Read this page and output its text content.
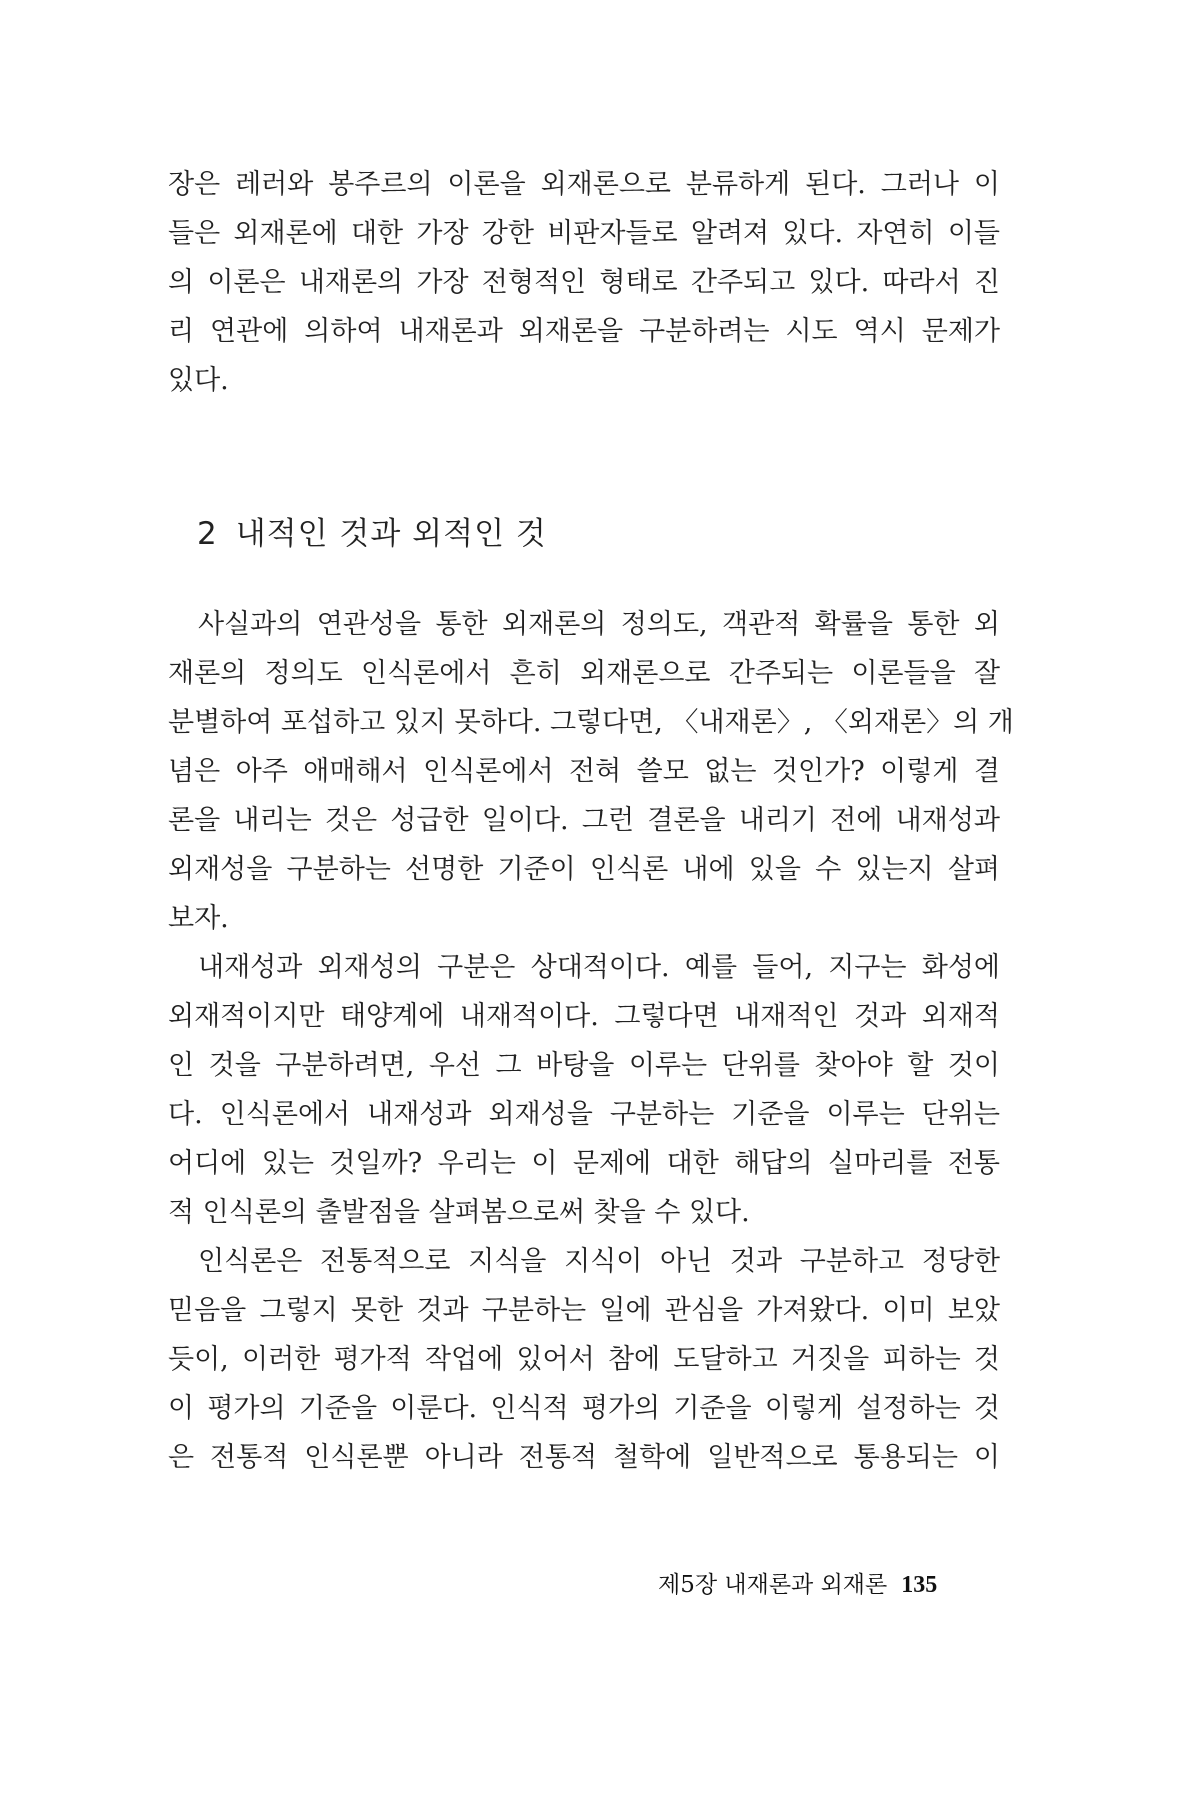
장은 레러와 봉주르의 이론을 외재론으로 분류하게 된다. 그러나 이
들은 외재론에 대한 가장 강한 비판자들로 알려져 있다. 자연히 이들
의 이론은 내재론의 가장 전형적인 형태로 간주되고 있다. 따라서 진
리 연관에 의하여 내재론과 외재론을 구분하려는 시도 역시 문제가
있다.
2 내적인 것과 외적인 것
사실과의 연관성을 통한 외재론의 정의도, 객관적 확률을 통한 외
재론의 정의도 인식론에서 흔히 외재론으로 간주되는 이론들을 잘
분별하여 포섭하고 있지 못하다. 그렇다면, 〈내재론〉, 〈외재론〉의 개
념은 아주 애매해서 인식론에서 전혀 쓸모 없는 것인가? 이렇게 결
론을 내리는 것은 성급한 일이다. 그런 결론을 내리기 전에 내재성과
외재성을 구분하는 선명한 기준이 인식론 내에 있을 수 있는지 살펴
보자.
내재성과 외재성의 구분은 상대적이다. 예를 들어, 지구는 화성에
외재적이지만 태양계에 내재적이다. 그렇다면 내재적인 것과 외재적
인 것을 구분하려면, 우선 그 바탕을 이루는 단위를 찾아야 할 것이
다. 인식론에서 내재성과 외재성을 구분하는 기준을 이루는 단위는
어디에 있는 것일까? 우리는 이 문제에 대한 해답의 실마리를 전통
적 인식론의 출발점을 살펴봄으로써 찾을 수 있다.
인식론은 전통적으로 지식을 지식이 아닌 것과 구분하고 정당한
믿음을 그렇지 못한 것과 구분하는 일에 관심을 가져왔다. 이미 보았
듯이, 이러한 평가적 작업에 있어서 참에 도달하고 거짓을 피하는 것
이 평가의 기준을 이룬다. 인식적 평가의 기준을 이렇게 설정하는 것
은 전통적 인식론뿐 아니라 전통적 철학에 일반적으로 통용되는 이
제5장 내재론과 외재론 135
